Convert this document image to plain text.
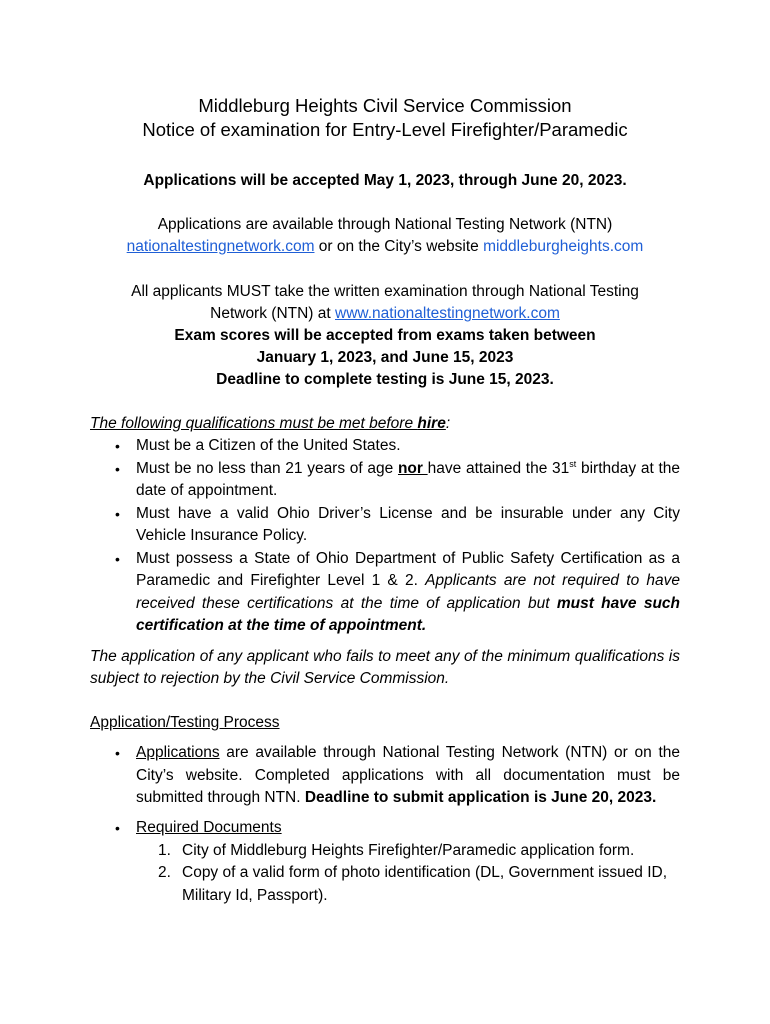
Middleburg Heights Civil Service Commission
Notice of examination for Entry-Level Firefighter/Paramedic
Applications will be accepted May 1, 2023, through June 20, 2023.
Applications are available through National Testing Network (NTN)
nationaltestingnetwork.com or on the City’s website middleburgheights.com
All applicants MUST take the written examination through National Testing
Network (NTN) at www.nationaltestingnetwork.com
Exam scores will be accepted from exams taken between
January 1, 2023, and June 15, 2023
Deadline to complete testing is June 15, 2023.
The following qualifications must be met before hire:
• Must be a Citizen of the United States.
• Must be no less than 21 years of age nor have attained the 31st birthday at the date of appointment.
• Must have a valid Ohio Driver’s License and be insurable under any City Vehicle Insurance Policy.
• Must possess a State of Ohio Department of Public Safety Certification as a Paramedic and Firefighter Level 1 & 2. Applicants are not required to have received these certifications at the time of application but must have such certification at the time of appointment.
The application of any applicant who fails to meet any of the minimum qualifications is subject to rejection by the Civil Service Commission.
Application/Testing Process
• Applications are available through National Testing Network (NTN) or on the City’s website. Completed applications with all documentation must be submitted through NTN. Deadline to submit application is June 20, 2023.
• Required Documents
1. City of Middleburg Heights Firefighter/Paramedic application form.
2. Copy of a valid form of photo identification (DL, Government issued ID, Military Id, Passport).
